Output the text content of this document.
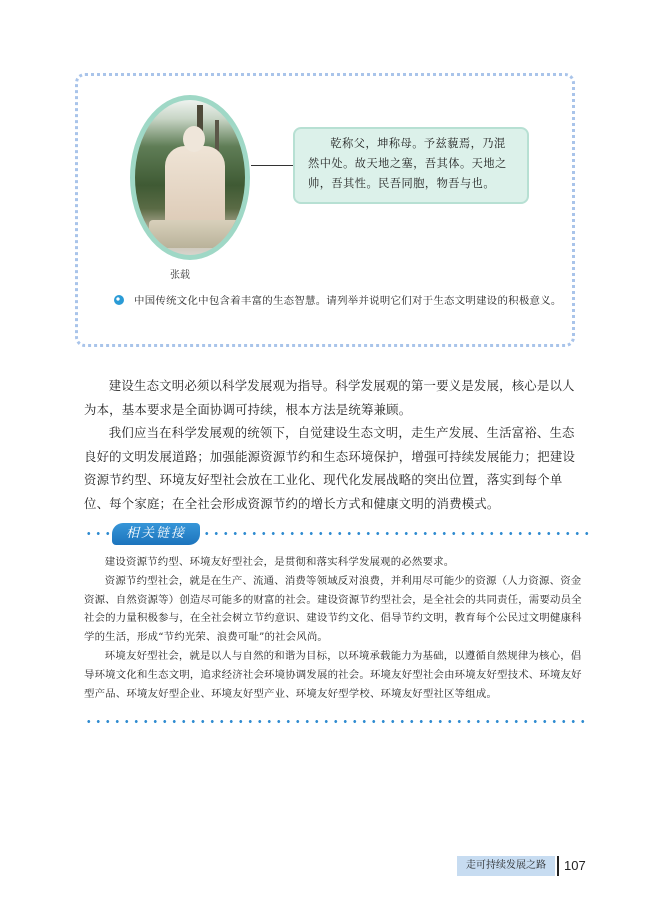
张载
乾称父，坤称母。予兹藐焉，乃混然中处。故天地之塞，吾其体。天地之帅，吾其性。民吾同胞，物吾与也。
中国传统文化中包含着丰富的生态智慧。请列举并说明它们对于生态文明建设的积极意义。

建设生态文明必须以科学发展观为指导。科学发展观的第一要义是发展，核心是以人为本，基本要求是全面协调可持续，根本方法是统筹兼顾。

我们应当在科学发展观的统领下，自觉建设生态文明，走生产发展、生活富裕、生态良好的文明发展道路；加强能源资源节约和生态环境保护，增强可持续发展能力；把建设资源节约型、环境友好型社会放在工业化、现代化发展战略的突出位置，落实到每个单位、每个家庭；在全社会形成资源节约的增长方式和健康文明的消费模式。

相关链接

建设资源节约型、环境友好型社会，是贯彻和落实科学发展观的必然要求。

资源节约型社会，就是在生产、流通、消费等领域反对浪费，并利用尽可能少的资源（人力资源、资金资源、自然资源等）创造尽可能多的财富的社会。建设资源节约型社会，是全社会的共同责任，需要动员全社会的力量积极参与，在全社会树立节约意识、建设节约文化、倡导节约文明，教育每个公民过文明健康科学的生活，形成“节约光荣、浪费可耻”的社会风尚。

环境友好型社会，就是以人与自然的和谐为目标，以环境承载能力为基础，以遵循自然规律为核心，倡导环境文化和生态文明，追求经济社会环境协调发展的社会。环境友好型社会由环境友好型技术、环境友好型产品、环境友好型企业、环境友好型产业、环境友好型学校、环境友好型社区等组成。

走可持续发展之路	107
